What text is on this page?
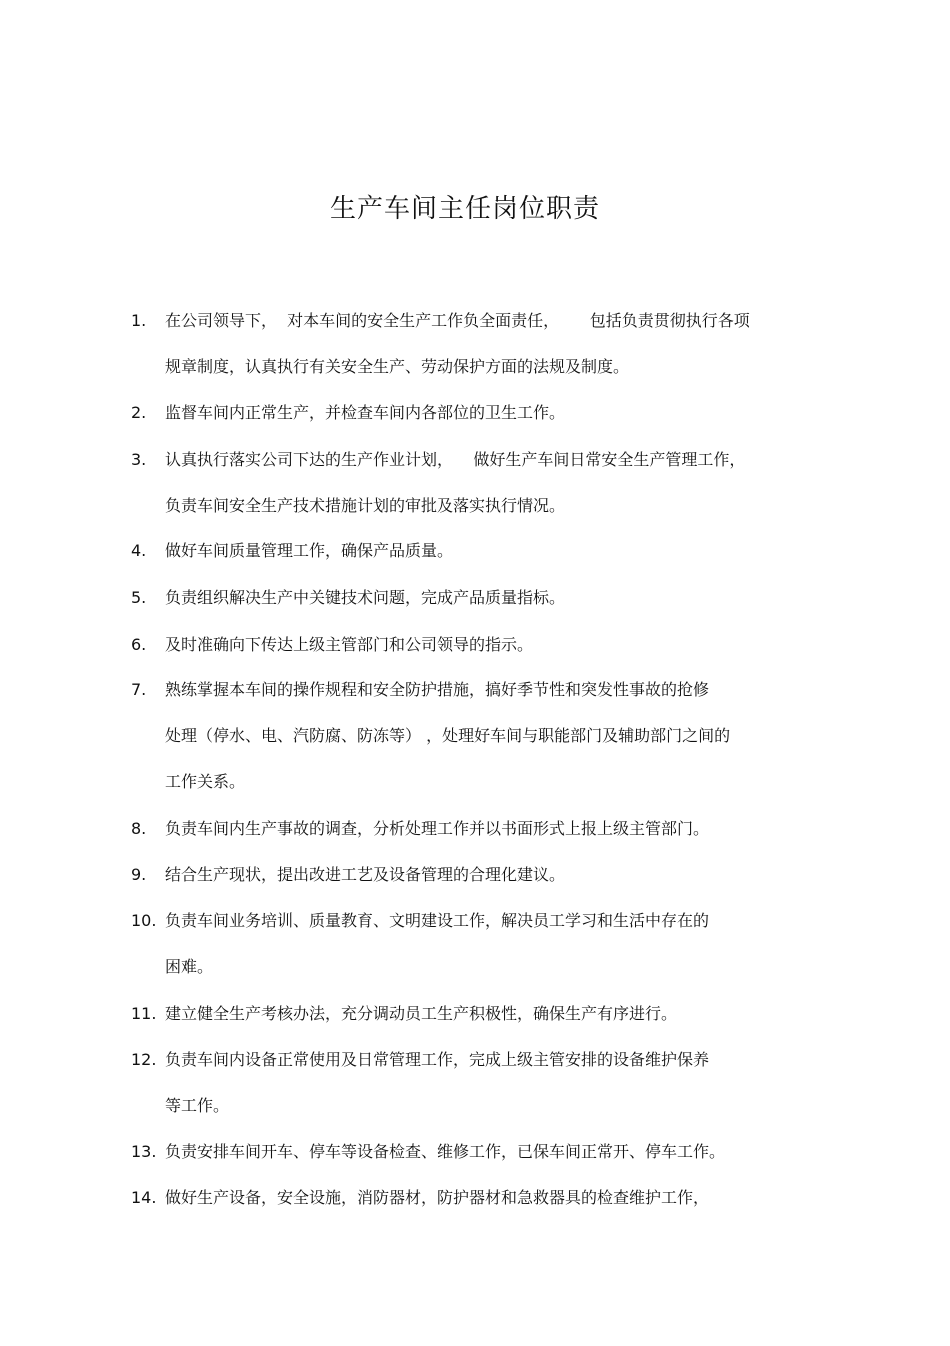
生产车间主任岗位职责
1. 在公司领导下，  对本车间的安全生产工作负全面责任，      包括负责贯彻执行各项
规章制度，认真执行有关安全生产、劳动保护方面的法规及制度。
2. 监督车间内正常生产，并检查车间内各部位的卫生工作。
3. 认真执行落实公司下达的生产作业计划，    做好生产车间日常安全生产管理工作，
负责车间安全生产技术措施计划的审批及落实执行情况。
4. 做好车间质量管理工作，确保产品质量。
5. 负责组织解决生产中关键技术问题，完成产品质量指标。
6. 及时准确向下传达上级主管部门和公司领导的指示。
7. 熟练掌握本车间的操作规程和安全防护措施，搞好季节性和突发性事故的抢修
处理（停水、电、汽防腐、防冻等） ，处理好车间与职能部门及辅助部门之间的
工作关系。
8. 负责车间内生产事故的调查，分析处理工作并以书面形式上报上级主管部门。
9. 结合生产现状，提出改进工艺及设备管理的合理化建议。
10. 负责车间业务培训、质量教育、文明建设工作，解决员工学习和生活中存在的
困难。
11. 建立健全生产考核办法，充分调动员工生产积极性，确保生产有序进行。
12. 负责车间内设备正常使用及日常管理工作，完成上级主管安排的设备维护保养
等工作。
13. 负责安排车间开车、停车等设备检查、维修工作，已保车间正常开、停车工作。
14. 做好生产设备，安全设施，消防器材，防护器材和急救器具的检查维护工作，
